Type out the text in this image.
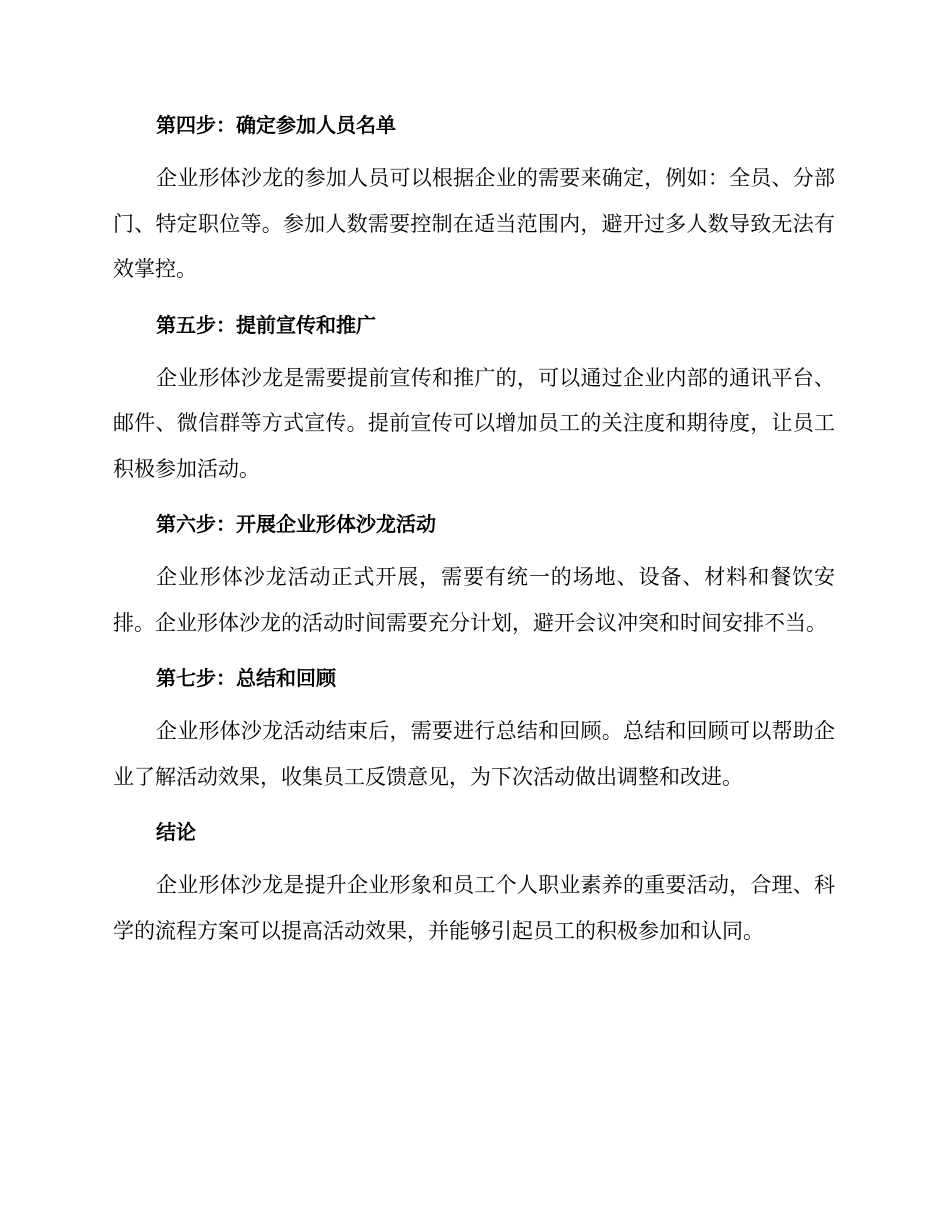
第四步：确定参加人员名单

企业形体沙龙的参加人员可以根据企业的需要来确定，例如：全员、分部门、特定职位等。参加人数需要控制在适当范围内，避开过多人数导致无法有效掌控。

第五步：提前宣传和推广

企业形体沙龙是需要提前宣传和推广的，可以通过企业内部的通讯平台、邮件、微信群等方式宣传。提前宣传可以增加员工的关注度和期待度，让员工积极参加活动。

第六步：开展企业形体沙龙活动

企业形体沙龙活动正式开展，需要有统一的场地、设备、材料和餐饮安排。企业形体沙龙的活动时间需要充分计划，避开会议冲突和时间安排不当。

第七步：总结和回顾

企业形体沙龙活动结束后，需要进行总结和回顾。总结和回顾可以帮助企业了解活动效果，收集员工反馈意见，为下次活动做出调整和改进。

结论

企业形体沙龙是提升企业形象和员工个人职业素养的重要活动，合理、科学的流程方案可以提高活动效果，并能够引起员工的积极参加和认同。
